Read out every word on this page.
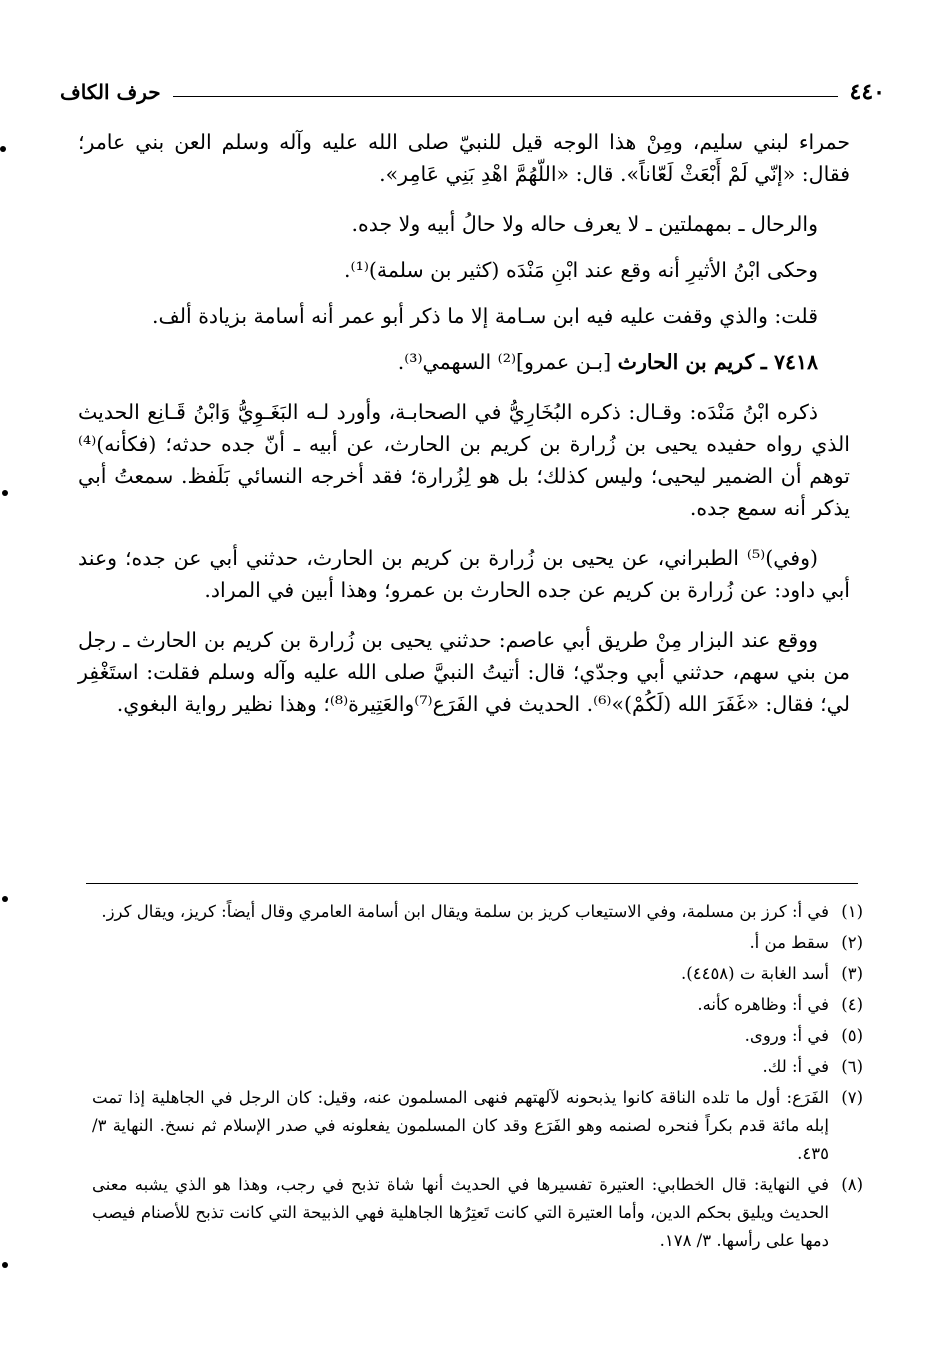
٤٤٠
حرف الكاف

حمراء لبني سليم، ومِنْ هذا الوجه قيل للنبيّ صلى الله عليه وآله وسلم العن بني عامر؛ فقال: «إنّي لَمْ أَبْعَثْ لَعّاناً». قال: «اللّهُمَّ اهْدِ بَنِي عَامِر».

والرحال ـ بمهملتين ـ لا يعرف حاله ولا حالُ أبيه ولا جده.

وحكى ابْنُ الأثيرِ أنه وقع عند ابْنِ مَنْدَه (كثير بن سلمة)⁽¹⁾.

قلت: والذي وقفت عليه فيه ابن سـامة إلا ما ذكر أبو عمر أنه أسامة بزيادة ألف.

٧٤١٨ ـ كريم بن الحارث [بـن عمرو]⁽²⁾ السهمي⁽³⁾.

ذكره ابْنُ مَنْدَه: وقـال: ذكره البُخَارِيُّ في الصحابـة، وأورد لـه البَغَـوِيُّ وَابْنُ قَـانِع الحديث الذي رواه حفيده يحيى بن زُرارة بن كريم بن الحارث، عن أبيه ـ أنّ جده حدثه؛ (فكأنه)⁽⁴⁾ توهم أن الضمير ليحيى؛ وليس كذلك؛ بل هو لِزُرارة؛ فقد أخرجه النسائي بَلَفظ. سمعتُ أبي يذكر أنه سمع جده.

(وفي)⁽⁵⁾ الطبراني، عن يحيى بن زُرارة بن كريم بن الحارث، حدثني أبي عن جده؛ وعند أبي داود: عن زُرارة بن كريم عن جده الحارث بن عمرو؛ وهذا أبين في المراد.

ووقع عند البزار مِنْ طريق أبي عاصم: حدثني يحيى بن زُرارة بن كريم بن الحارث ـ رجل من بني سهم، حدثني أبي وجدّي؛ قال: أتيتُ النبيَّ صلى الله عليه وآله وسلم فقلت: استَغْفِر لي؛ فقال: «غَفَرَ الله (لَكُمْ)»⁽⁶⁾. الحديث في الفَرَع⁽⁷⁾والعَتِيرة⁽⁸⁾؛ وهذا نظير رواية البغوي.

(١)
في أ: كرز بن مسلمة، وفي الاستيعاب كريز بن سلمة ويقال ابن أسامة العامري وقال أيضاً: كريز، ويقال كرز.
(٢)
سقط من أ.
(٣)
أسد الغابة ت (٤٤٥٨).
(٤)
في أ: وظاهره كأنه.
(٥)
في أ: وروى.
(٦)
في أ: لك.
(٧)
الفَرَع: أول ما تلده الناقة كانوا يذبحونه لآلهتهم فنهى المسلمون عنه، وقيل: كان الرجل في الجاهلية إذا تمت إبله مائة قدم بكراً فنحره لصنمه وهو الفَرَع وقد كان المسلمون يفعلونه في صدر الإسلام ثم نسخ. النهاية ٣/ ٤٣٥.
(٨)
في النهاية: قال الخطابي: العتيرة تفسيرها في الحديث أنها شاة تذبح في رجب، وهذا هو الذي يشبه معنى الحديث ويليق بحكم الدين، وأما العتيرة التي كانت تَعتِرُها الجاهلية فهي الذبيحة التي كانت تذبح للأصنام فيصب دمها على رأسها. ٣/ ١٧٨.
